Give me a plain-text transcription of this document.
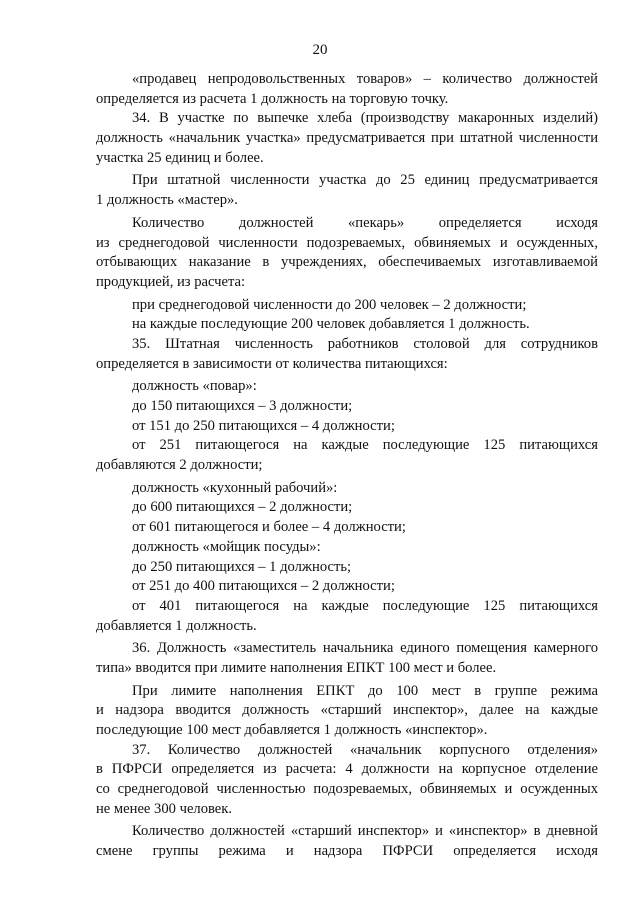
20
«продавец непродовольственных товаров» – количество должностей
определяется из расчета 1 должность на торговую точку.
34. В участке по выпечке хлеба (производству макаронных изделий)
должность «начальник участка» предусматривается при штатной численности
участка 25 единиц и более.
При штатной численности участка до 25 единиц предусматривается
1 должность «мастер».
Количество должностей «пекарь» определяется исходя
из среднегодовой численности подозреваемых, обвиняемых и осужденных,
отбывающих наказание в учреждениях, обеспечиваемых изготавливаемой
продукцией, из расчета:
при среднегодовой численности до 200 человек – 2 должности;
на каждые последующие 200 человек добавляется 1 должность.
35. Штатная численность работников столовой для сотрудников
определяется в зависимости от количества питающихся:
должность «повар»:
до 150 питающихся – 3 должности;
от 151 до 250 питающихся – 4 должности;
от 251 питающегося на каждые последующие 125 питающихся
добавляются 2 должности;
должность «кухонный рабочий»:
до 600 питающихся – 2 должности;
от 601 питающегося и более – 4 должности;
должность «мойщик посуды»:
до 250 питающихся – 1 должность;
от 251 до 400 питающихся – 2 должности;
от 401 питающегося на каждые последующие 125 питающихся
добавляется 1 должность.
36. Должность «заместитель начальника единого помещения камерного
типа» вводится при лимите наполнения ЕПКТ 100 мест и более.
При лимите наполнения ЕПКТ до 100 мест в группе режима
и надзора вводится должность «старший инспектор», далее на каждые
последующие 100 мест добавляется 1 должность «инспектор».
37. Количество должностей «начальник корпусного отделения»
в ПФРСИ определяется из расчета: 4 должности на корпусное отделение
со среднегодовой численностью подозреваемых, обвиняемых и осужденных
не менее 300 человек.
Количество должностей «старший инспектор» и «инспектор» в дневной
смене группы режима и надзора ПФРСИ определяется исходя
